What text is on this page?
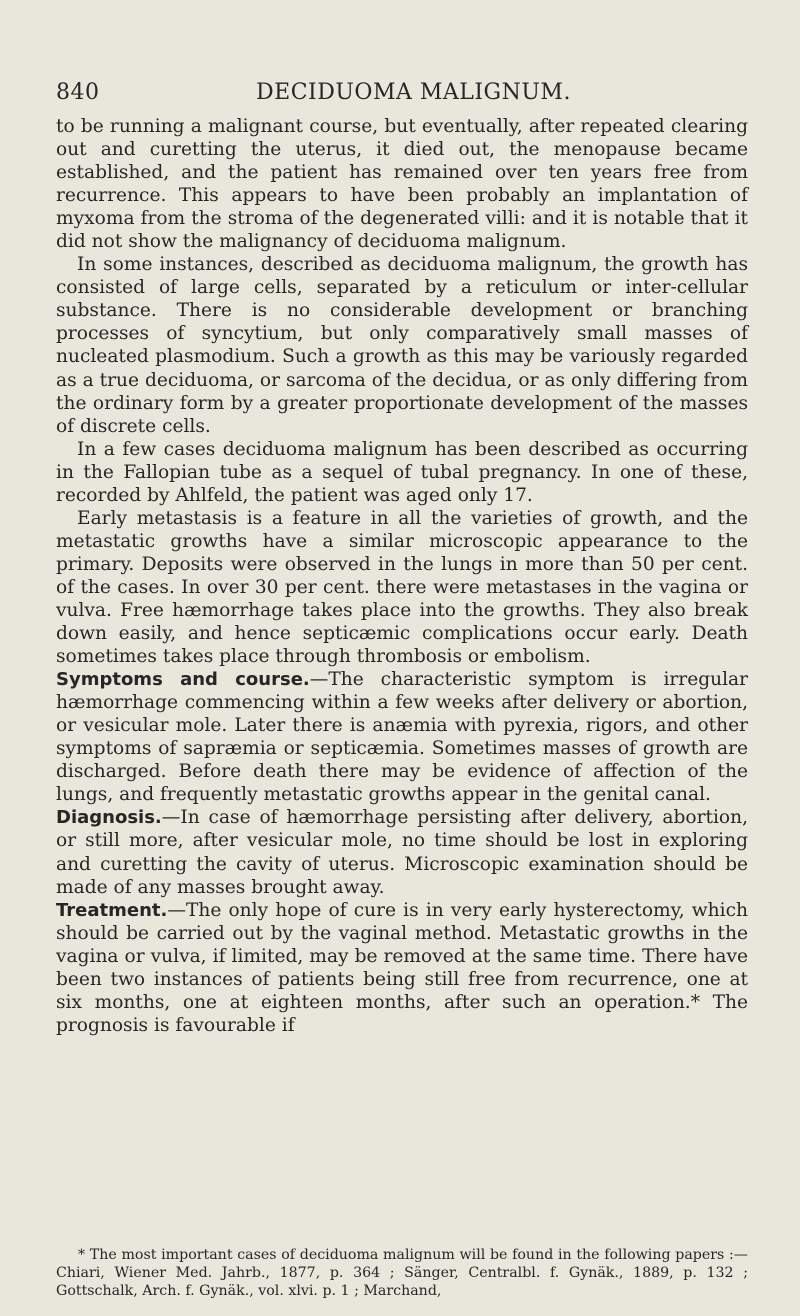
840	DECIDUOMA MALIGNUM.

to be running a malignant course, but eventually, after repeated clearing out and curetting the uterus, it died out, the menopause became established, and the patient has remained over ten years free from recurrence. This appears to have been probably an implantation of myxoma from the stroma of the degenerated villi: and it is notable that it did not show the malignancy of deciduoma malignum.

In some instances, described as deciduoma malignum, the growth has consisted of large cells, separated by a reticulum or inter-cellular substance. There is no considerable development or branching processes of syncytium, but only comparatively small masses of nucleated plasmodium. Such a growth as this may be variously regarded as a true deciduoma, or sarcoma of the decidua, or as only differing from the ordinary form by a greater proportionate development of the masses of discrete cells.

In a few cases deciduoma malignum has been described as occurring in the Fallopian tube as a sequel of tubal pregnancy. In one of these, recorded by Ahlfeld, the patient was aged only 17.

Early metastasis is a feature in all the varieties of growth, and the metastatic growths have a similar microscopic appearance to the primary. Deposits were observed in the lungs in more than 50 per cent. of the cases. In over 30 per cent. there were metastases in the vagina or vulva. Free hæmorrhage takes place into the growths. They also break down easily, and hence septicæmic complications occur early. Death sometimes takes place through thrombosis or embolism.

Symptoms and course.—The characteristic symptom is irregular hæmorrhage commencing within a few weeks after delivery or abortion, or vesicular mole. Later there is anæmia with pyrexia, rigors, and other symptoms of sapræmia or septicæmia. Sometimes masses of growth are discharged. Before death there may be evidence of affection of the lungs, and frequently metastatic growths appear in the genital canal.

Diagnosis.—In case of hæmorrhage persisting after delivery, abortion, or still more, after vesicular mole, no time should be lost in exploring and curetting the cavity of uterus. Microscopic examination should be made of any masses brought away.

Treatment.—The only hope of cure is in very early hysterectomy, which should be carried out by the vaginal method. Metastatic growths in the vagina or vulva, if limited, may be removed at the same time. There have been two instances of patients being still free from recurrence, one at six months, one at eighteen months, after such an operation.* The prognosis is favourable if

* The most important cases of deciduoma malignum will be found in the following papers :—Chiari, Wiener Med. Jahrb., 1877, p. 364 ; Sänger, Centralbl. f. Gynäk., 1889, p. 132 ; Gottschalk, Arch. f. Gynäk., vol. xlvi. p. 1 ; Marchand,
